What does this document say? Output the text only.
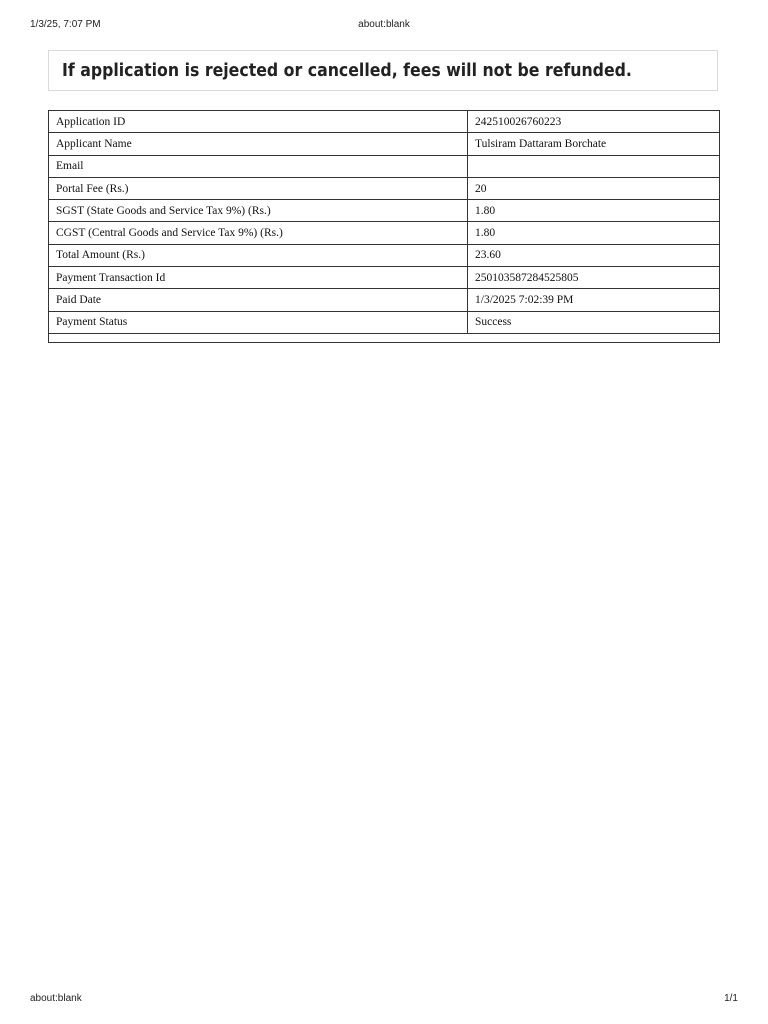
1/3/25, 7:07 PM	about:blank
If application is rejected or cancelled, fees will not be refunded.
Application ID	242510026760223
Applicant Name	Tulsiram Dattaram Borchate
Email	
Portal Fee (Rs.)	20
SGST (State Goods and Service Tax 9%) (Rs.)	1.80
CGST (Central Goods and Service Tax 9%) (Rs.)	1.80
Total Amount (Rs.)	23.60
Payment Transaction Id	250103587284525805
Paid Date	1/3/2025 7:02:39 PM
Payment Status	Success

about:blank	1/1
